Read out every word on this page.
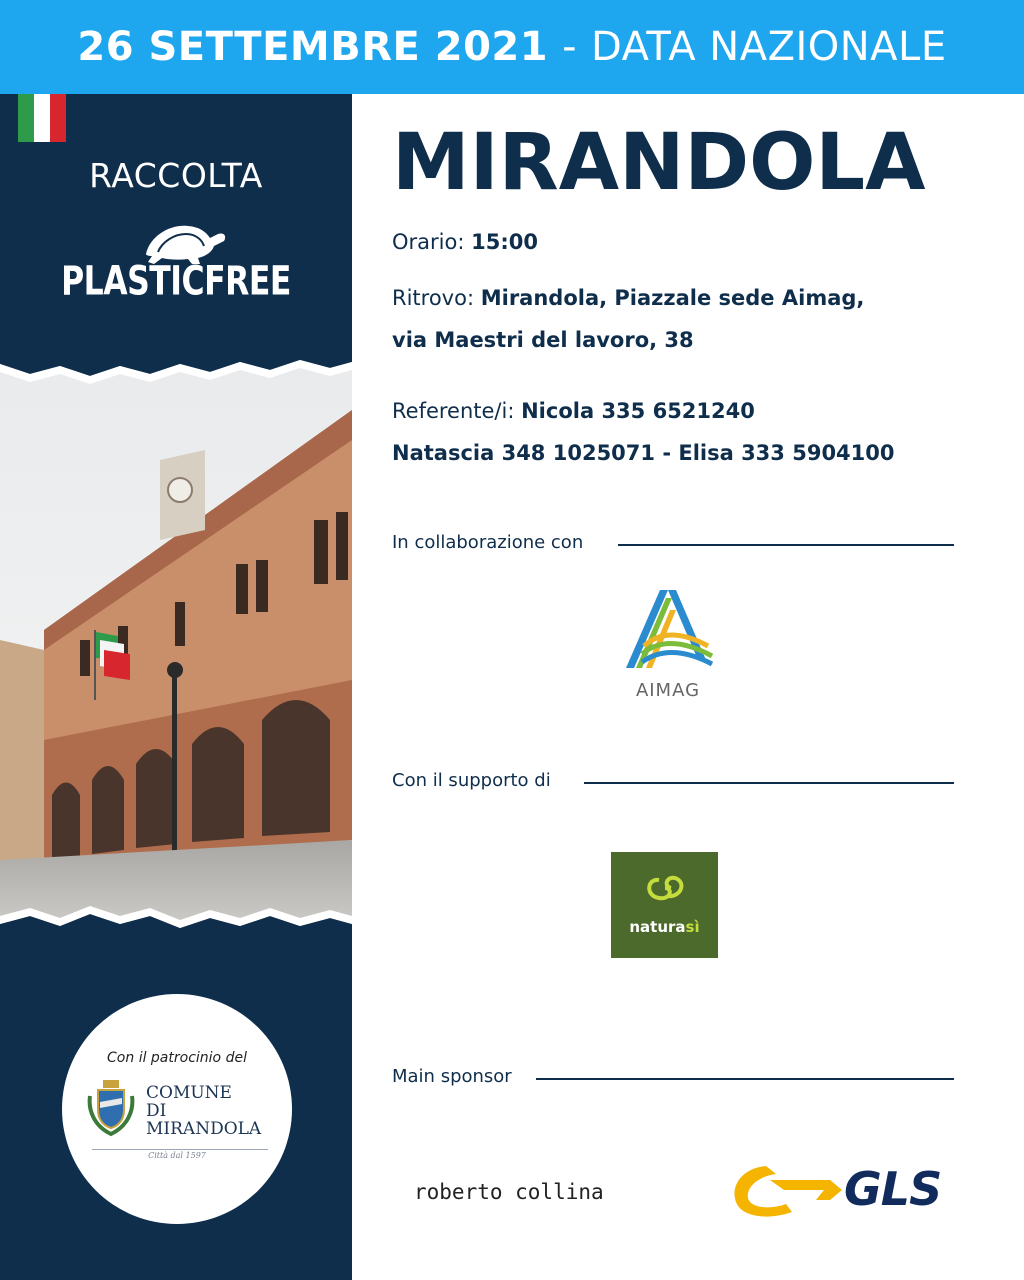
26 SETTEMBRE 2021 - DATA NAZIONALE
RACCOLTA
PLASTICFREE
Con il patrocinio del
COMUNE
DI
MIRANDOLA
Città dal 1597
MIRANDOLA
Orario: 15:00
Ritrovo: Mirandola, Piazzale sede Aimag,
via Maestri del lavoro, 38
Referente/i: Nicola 335 6521240
Natascia 348 1025071 - Elisa 333 5904100
In collaborazione con
AIMAG
Con il supporto di
naturasì
Main sponsor
roberto collina	GLS
